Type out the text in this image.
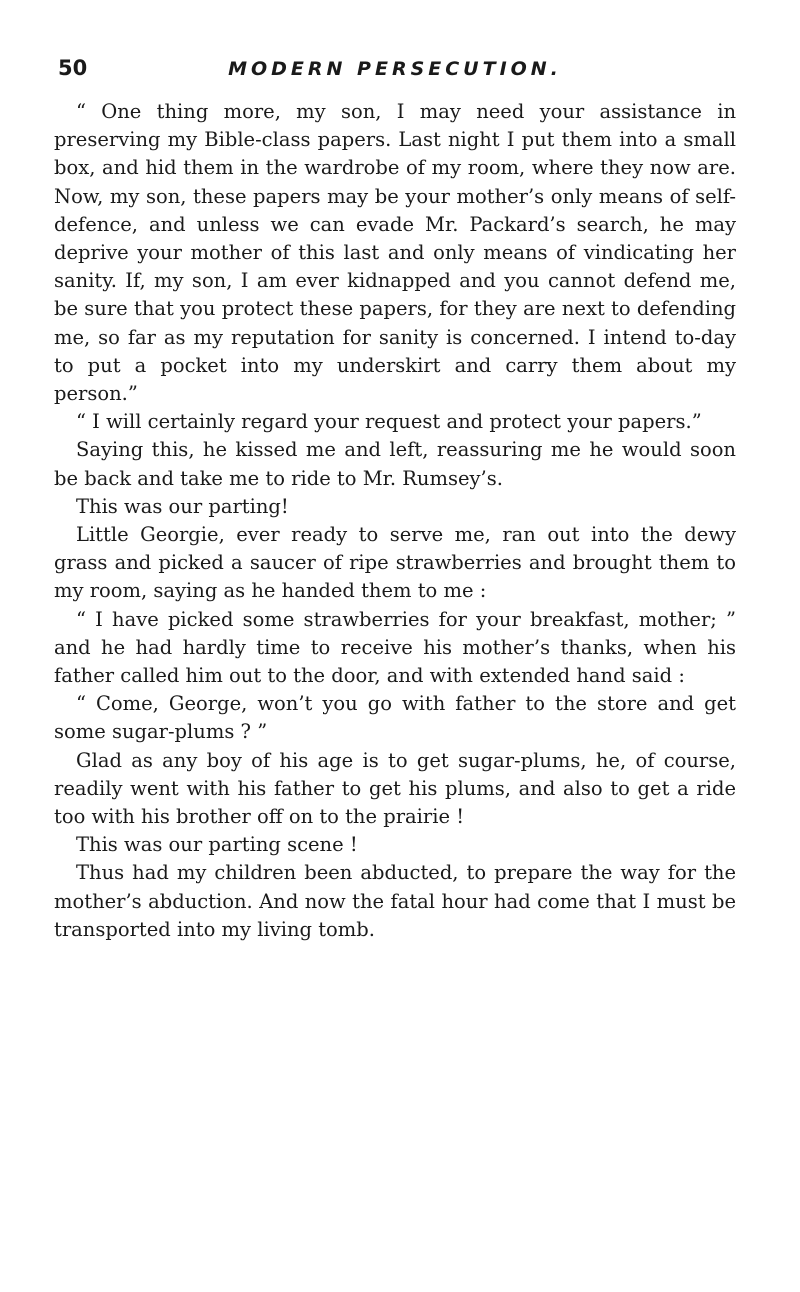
50	MODERN PERSECUTION.

“ One thing more, my son, I may need your assistance in preserving my Bible-class papers. Last night I put them into a small box, and hid them in the wardrobe of my room, where they now are. Now, my son, these papers may be your mother’s only means of self-defence, and unless we can evade Mr. Packard’s search, he may deprive your mother of this last and only means of vindicating her sanity. If, my son, I am ever kidnapped and you cannot defend me, be sure that you protect these papers, for they are next to defending me, so far as my reputation for sanity is concerned. I intend to-day to put a pocket into my underskirt and carry them about my person.”

“ I will certainly regard your request and protect your papers.”

Saying this, he kissed me and left, reassuring me he would soon be back and take me to ride to Mr. Rumsey’s.

This was our parting!

Little Georgie, ever ready to serve me, ran out into the dewy grass and picked a saucer of ripe strawberries and brought them to my room, saying as he handed them to me :

“ I have picked some strawberries for your breakfast, mother; ” and he had hardly time to receive his mother’s thanks, when his father called him out to the door, and with extended hand said :

“ Come, George, won’t you go with father to the store and get some sugar-plums ? ”

Glad as any boy of his age is to get sugar-plums, he, of course, readily went with his father to get his plums, and also to get a ride too with his brother off on to the prairie !

This was our parting scene !

Thus had my children been abducted, to prepare the way for the mother’s abduction. And now the fatal hour had come that I must be transported into my living tomb.
